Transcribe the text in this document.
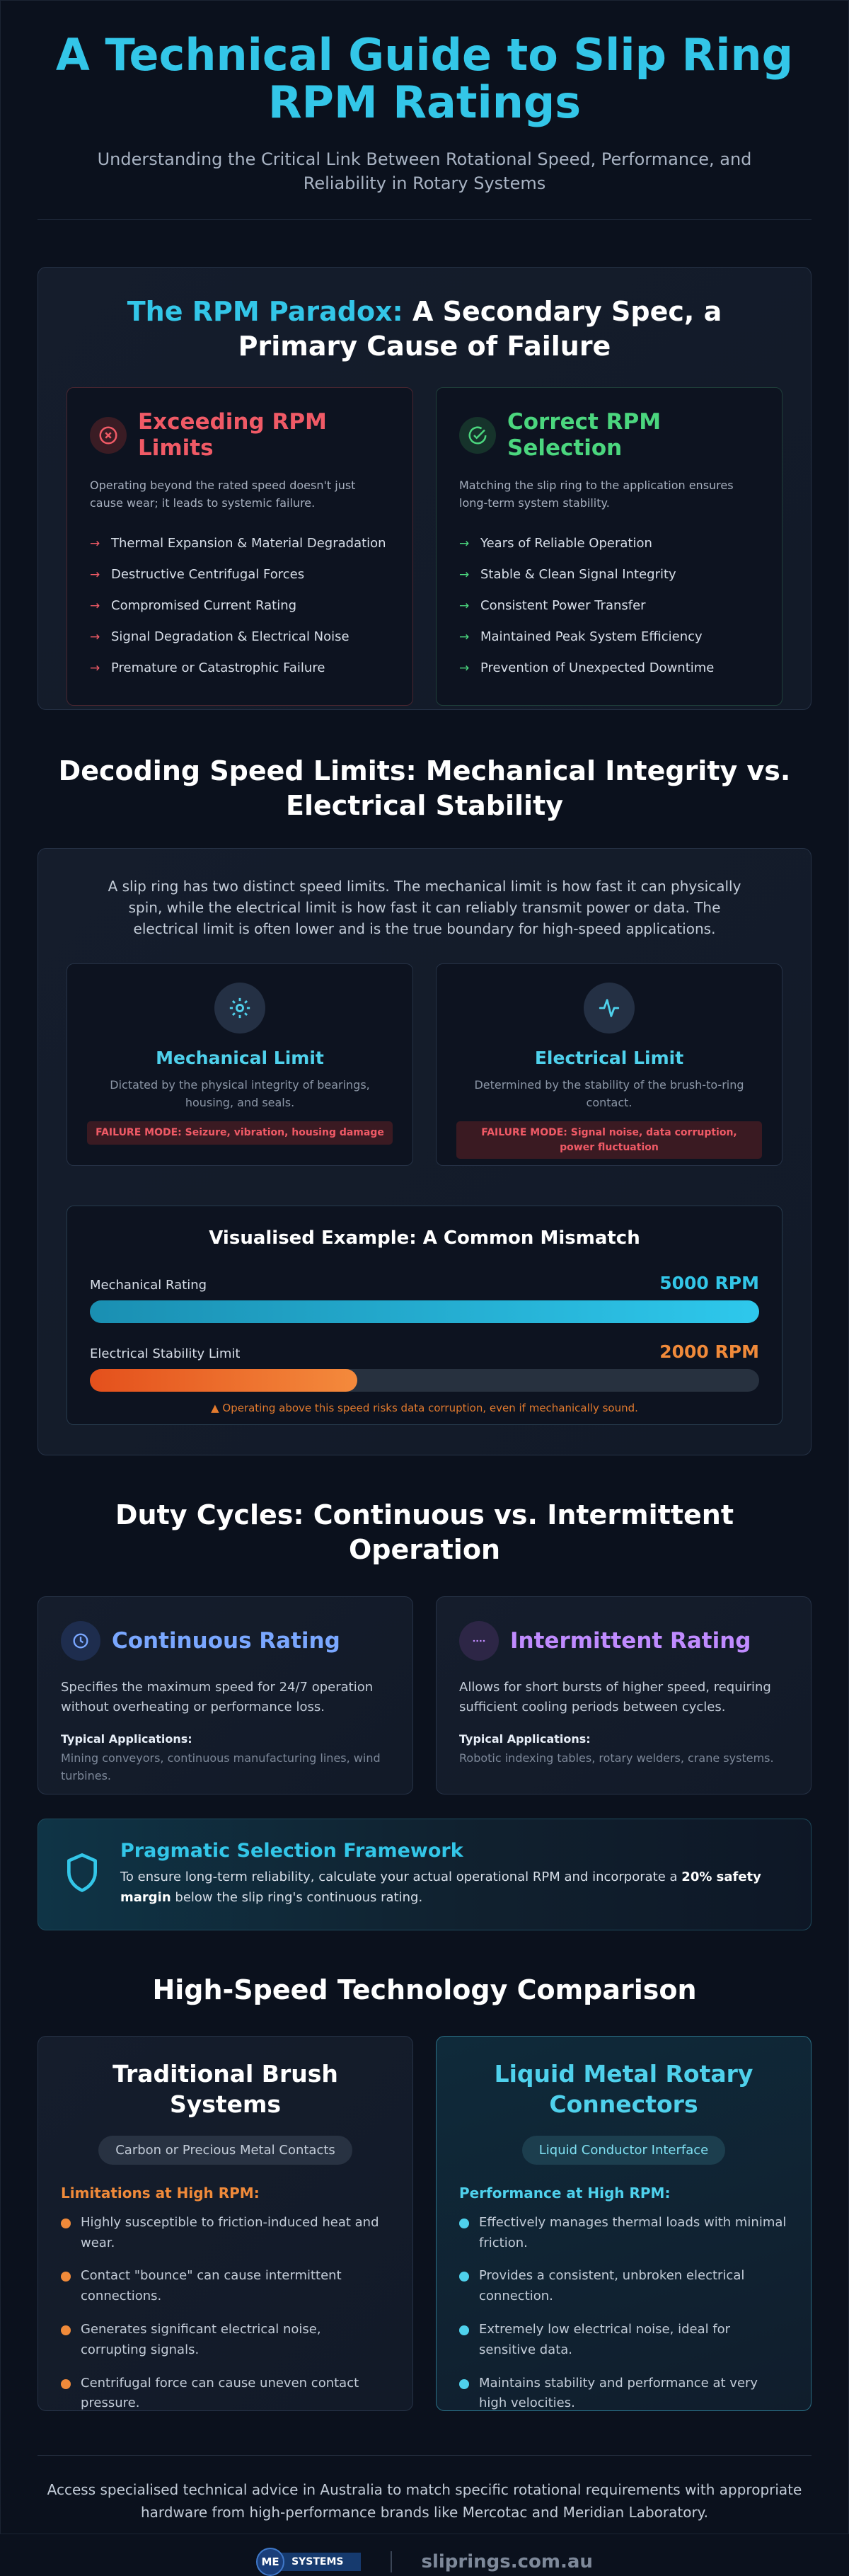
A Technical Guide to Slip Ring RPM Ratings

Understanding the Critical Link Between Rotational Speed, Performance, and Reliability in Rotary Systems

The RPM Paradox: A Secondary Spec, a Primary Cause of Failure
Exceeding RPM Limits

Operating beyond the rated speed doesn't just cause wear; it leads to systemic failure.

→ Thermal Expansion & Material Degradation
→ Destructive Centrifugal Forces
→ Compromised Current Rating
→ Signal Degradation & Electrical Noise
→ Premature or Catastrophic Failure
Correct RPM Selection

Matching the slip ring to the application ensures long-term system stability.

→ Years of Reliable Operation
→ Stable & Clean Signal Integrity
→ Consistent Power Transfer
→ Maintained Peak System Efficiency
→ Prevention of Unexpected Downtime
Decoding Speed Limits: Mechanical Integrity vs. Electrical Stability

A slip ring has two distinct speed limits. The mechanical limit is how fast it can physically spin, while the electrical limit is how fast it can reliably transmit power or data. The electrical limit is often lower and is the true boundary for high-speed applications.

Mechanical Limit

Dictated by the physical integrity of bearings, housing, and seals.

FAILURE MODE: Seizure, vibration, housing damage
Electrical Limit

Determined by the stability of the brush-to-ring contact.

FAILURE MODE: Signal noise, data corruption, power fluctuation
Visualised Example: A Common Mismatch
Mechanical Rating	5000 RPM
Electrical Stability Limit	2000 RPM

▲ Operating above this speed risks data corruption, even if mechanically sound.

Duty Cycles: Continuous vs. Intermittent Operation
Continuous Rating

Specifies the maximum speed for 24/7 operation without overheating or performance loss.

Typical Applications:

Mining conveyors, continuous manufacturing lines, wind turbines.

Intermittent Rating

Allows for short bursts of higher speed, requiring sufficient cooling periods between cycles.

Typical Applications:

Robotic indexing tables, rotary welders, crane systems.

Pragmatic Selection Framework

To ensure long-term reliability, calculate your actual operational RPM and incorporate a 20% safety margin below the slip ring's continuous rating.

High-Speed Technology Comparison
Traditional Brush Systems
Carbon or Precious Metal Contacts

Limitations at High RPM:

Highly susceptible to friction-induced heat and wear.
Contact "bounce" can cause intermittent connections.
Generates significant electrical noise, corrupting signals.
Centrifugal force can cause uneven contact pressure.
Liquid Metal Rotary Connectors
Liquid Conductor Interface

Performance at High RPM:

Effectively manages thermal loads with minimal friction.
Provides a consistent, unbroken electrical connection.
Extremely low electrical noise, ideal for sensitive data.
Maintains stability and performance at very high velocities.

Access specialised technical advice in Australia to match specific rotational requirements with appropriate hardware from high-performance brands like Mercotac and Meridian Laboratory.

ME	SYSTEMS	sliprings.com.au
